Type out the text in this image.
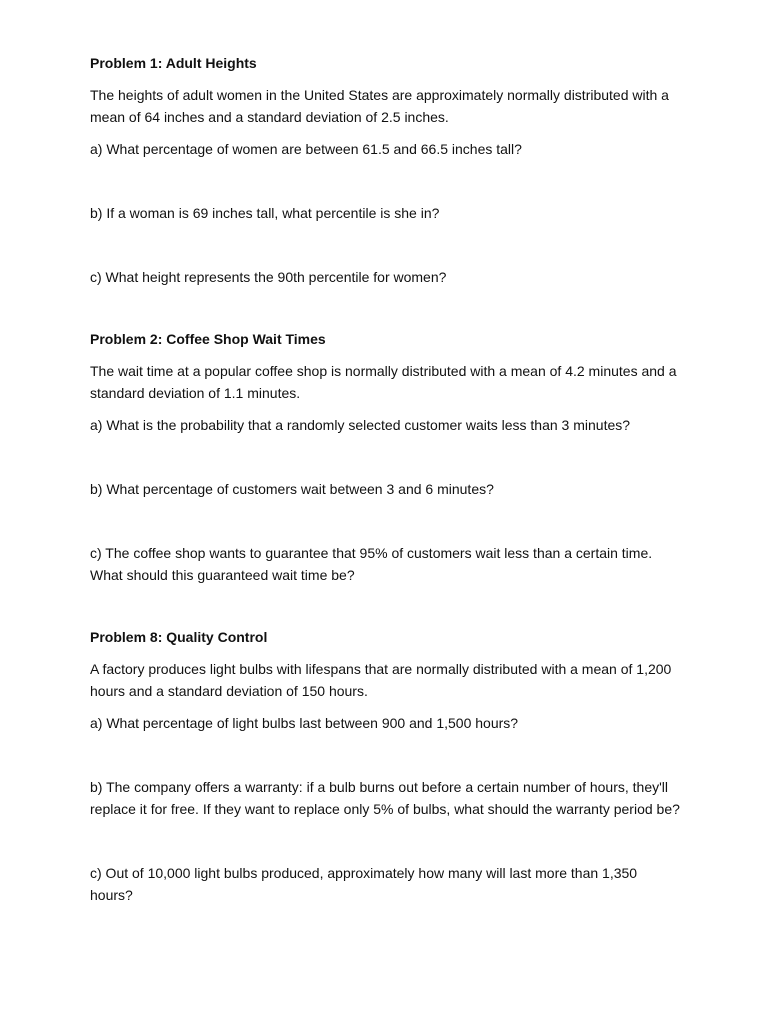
Problem 1: Adult Heights
The heights of adult women in the United States are approximately normally distributed with a mean of 64 inches and a standard deviation of 2.5 inches.
a) What percentage of women are between 61.5 and 66.5 inches tall?
b) If a woman is 69 inches tall, what percentile is she in?
c) What height represents the 90th percentile for women?
Problem 2: Coffee Shop Wait Times
The wait time at a popular coffee shop is normally distributed with a mean of 4.2 minutes and a standard deviation of 1.1 minutes.
a) What is the probability that a randomly selected customer waits less than 3 minutes?
b) What percentage of customers wait between 3 and 6 minutes?
c) The coffee shop wants to guarantee that 95% of customers wait less than a certain time. What should this guaranteed wait time be?
Problem 8: Quality Control
A factory produces light bulbs with lifespans that are normally distributed with a mean of 1,200 hours and a standard deviation of 150 hours.
a) What percentage of light bulbs last between 900 and 1,500 hours?
b) The company offers a warranty: if a bulb burns out before a certain number of hours, they'll replace it for free. If they want to replace only 5% of bulbs, what should the warranty period be?
c) Out of 10,000 light bulbs produced, approximately how many will last more than 1,350 hours?
